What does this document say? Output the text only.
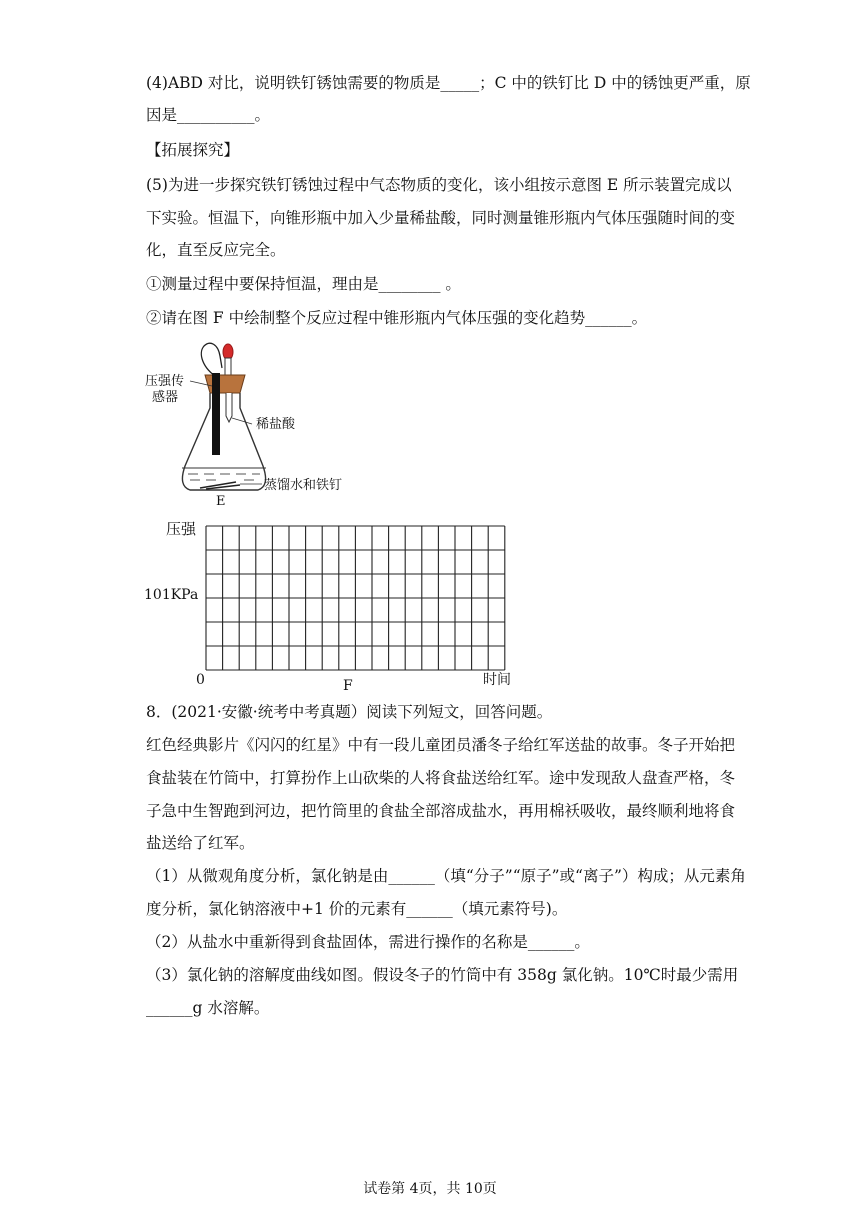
(4)ABD 对比，说明铁钉锈蚀需要的物质是_____；C 中的铁钉比 D 中的锈蚀更严重，原
因是__________。
【拓展探究】
(5)为进一步探究铁钉锈蚀过程中气态物质的变化，该小组按示意图 E 所示装置完成以
下实验。恒温下，向锥形瓶中加入少量稀盐酸，同时测量锥形瓶内气体压强随时间的变
化，直至反应完全。
①测量过程中要保持恒温，理由是________ 。
②请在图 F 中绘制整个反应过程中锥形瓶内气体压强的变化趋势______。
压强传
感器
稀盐酸
蒸馏水和铁钉
E
压强
101KPa
0	F	时间
8．(2021·安徽·统考中考真题）阅读下列短文，回答问题。
红色经典影片《闪闪的红星》中有一段儿童团员潘冬子给红军送盐的故事。冬子开始把
食盐装在竹筒中，打算扮作上山砍柴的人将食盐送给红军。途中发现敌人盘查严格，冬
子急中生智跑到河边，把竹筒里的食盐全部溶成盐水，再用棉袄吸收，最终顺利地将食
盐送给了红军。
（1）从微观角度分析，氯化钠是由______（填“分子”“原子”或“离子”）构成；从元素角
度分析，氯化钠溶液中+1 价的元素有______（填元素符号)。
（2）从盐水中重新得到食盐固体，需进行操作的名称是______。
（3）氯化钠的溶解度曲线如图。假设冬子的竹筒中有 358g 氯化钠。10℃时最少需用
______g 水溶解。
试卷第 4页，共 10页
